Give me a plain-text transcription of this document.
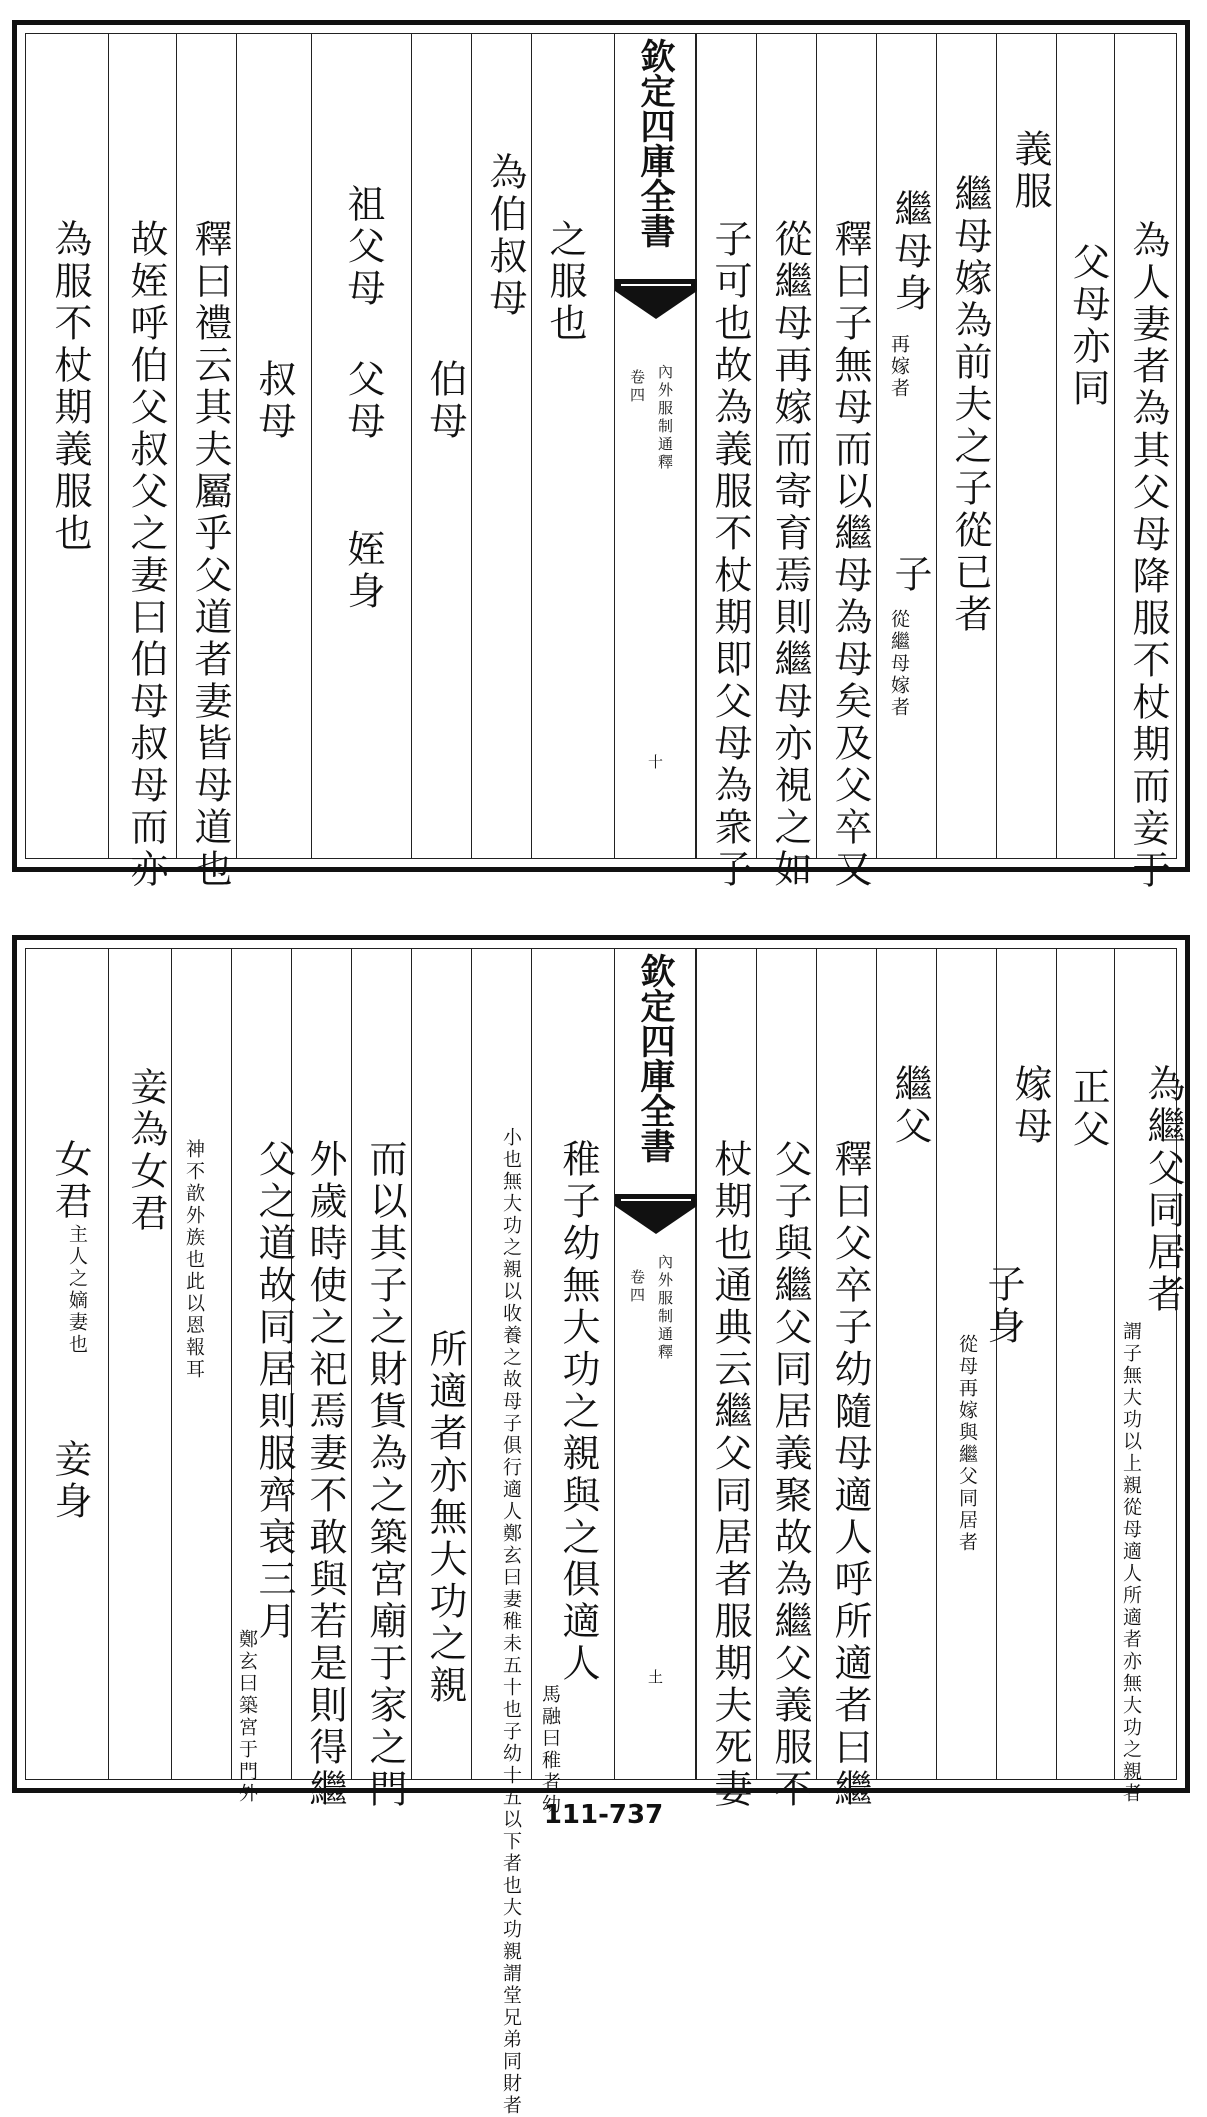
為人妻者為其父母降服不杖期而妾于
父母亦同
義服
繼母嫁為前夫之子從已者
繼母身
再嫁者
子
從繼母嫁者
釋曰子無母而以繼母為母矣及父卒又
從繼母再嫁而寄育焉則繼母亦視之如
子可也故為義服不杖期即父母為衆子
欽定四庫全書
內外服制通釋
卷四
十
之服也
為伯叔母
伯母
祖父母
父母
姪身
叔母
釋曰禮云其夫屬乎父道者妻皆母道也
故姪呼伯父叔父之妻曰伯母叔母而亦
為服不杖期義服也
為繼父同居者
謂子無大功以上親從母適人所適者亦無大功之親者
正父
嫁母
子身
從母再嫁與繼父同居者
繼父
釋曰父卒子幼隨母適人呼所適者曰繼
父子與繼父同居義聚故為繼父義服不
杖期也通典云繼父同居者服期夫死妻
欽定四庫全書
內外服制通釋
卷四
土
稚子幼無大功之親與之俱適人
馬融曰稚者幼
小也無大功之親以收養之故母子俱行適人鄭玄曰妻稚未五十也子幼十五以下者也大功親謂堂兄弟同財者
所適者亦無大功之親
而以其子之財貨為之築宮廟于家之門
外歲時使之祀焉妻不敢與若是則得繼
父之道故同居則服齊衰三月
鄭玄曰築宮于門外
神不歆外族也此以恩報耳
妾為女君
女君
主人之嫡妻也
妾身
111-737
